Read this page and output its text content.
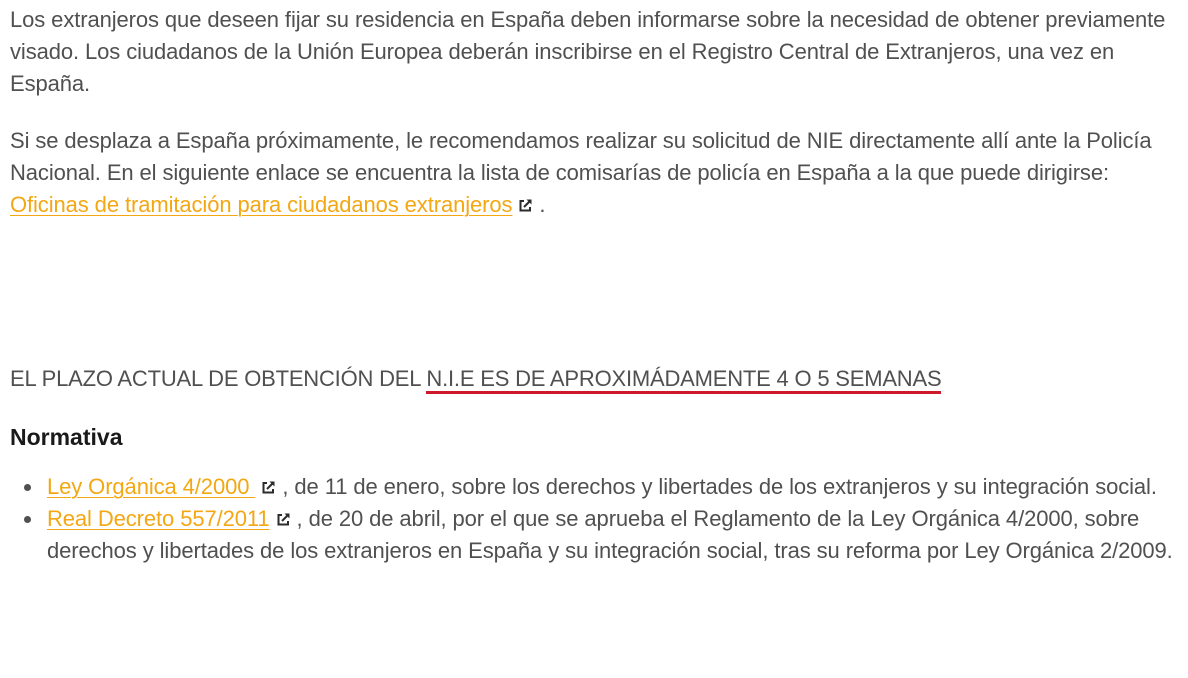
Los extranjeros que deseen fijar su residencia en España deben informarse sobre la necesidad de obtener previamente visado. Los ciudadanos de la Unión Europea deberán inscribirse en el Registro Central de Extranjeros, una vez en España.

Si se desplaza a España próximamente, le recomendamos realizar su solicitud de NIE directamente allí ante la Policía Nacional. En el siguiente enlace se encuentra la lista de comisarías de policía en España a la que puede dirigirse: Oficinas de tramitación para ciudadanos extranjeros
.

EL PLAZO ACTUAL DE OBTENCIÓN DEL N.I.E ES DE APROXIMÁDAMENTE 4 O 5 SEMANAS
Normativa
Ley Orgánica 4/2000
, de 11 de enero, sobre los derechos y libertades de los extranjeros y su integración social.
Real Decreto 557/2011
, de 20 de abril, por el que se aprueba el Reglamento de la Ley Orgánica 4/2000, sobre derechos y libertades de los extranjeros en España y su integración social, tras su reforma por Ley Orgánica 2/2009.
